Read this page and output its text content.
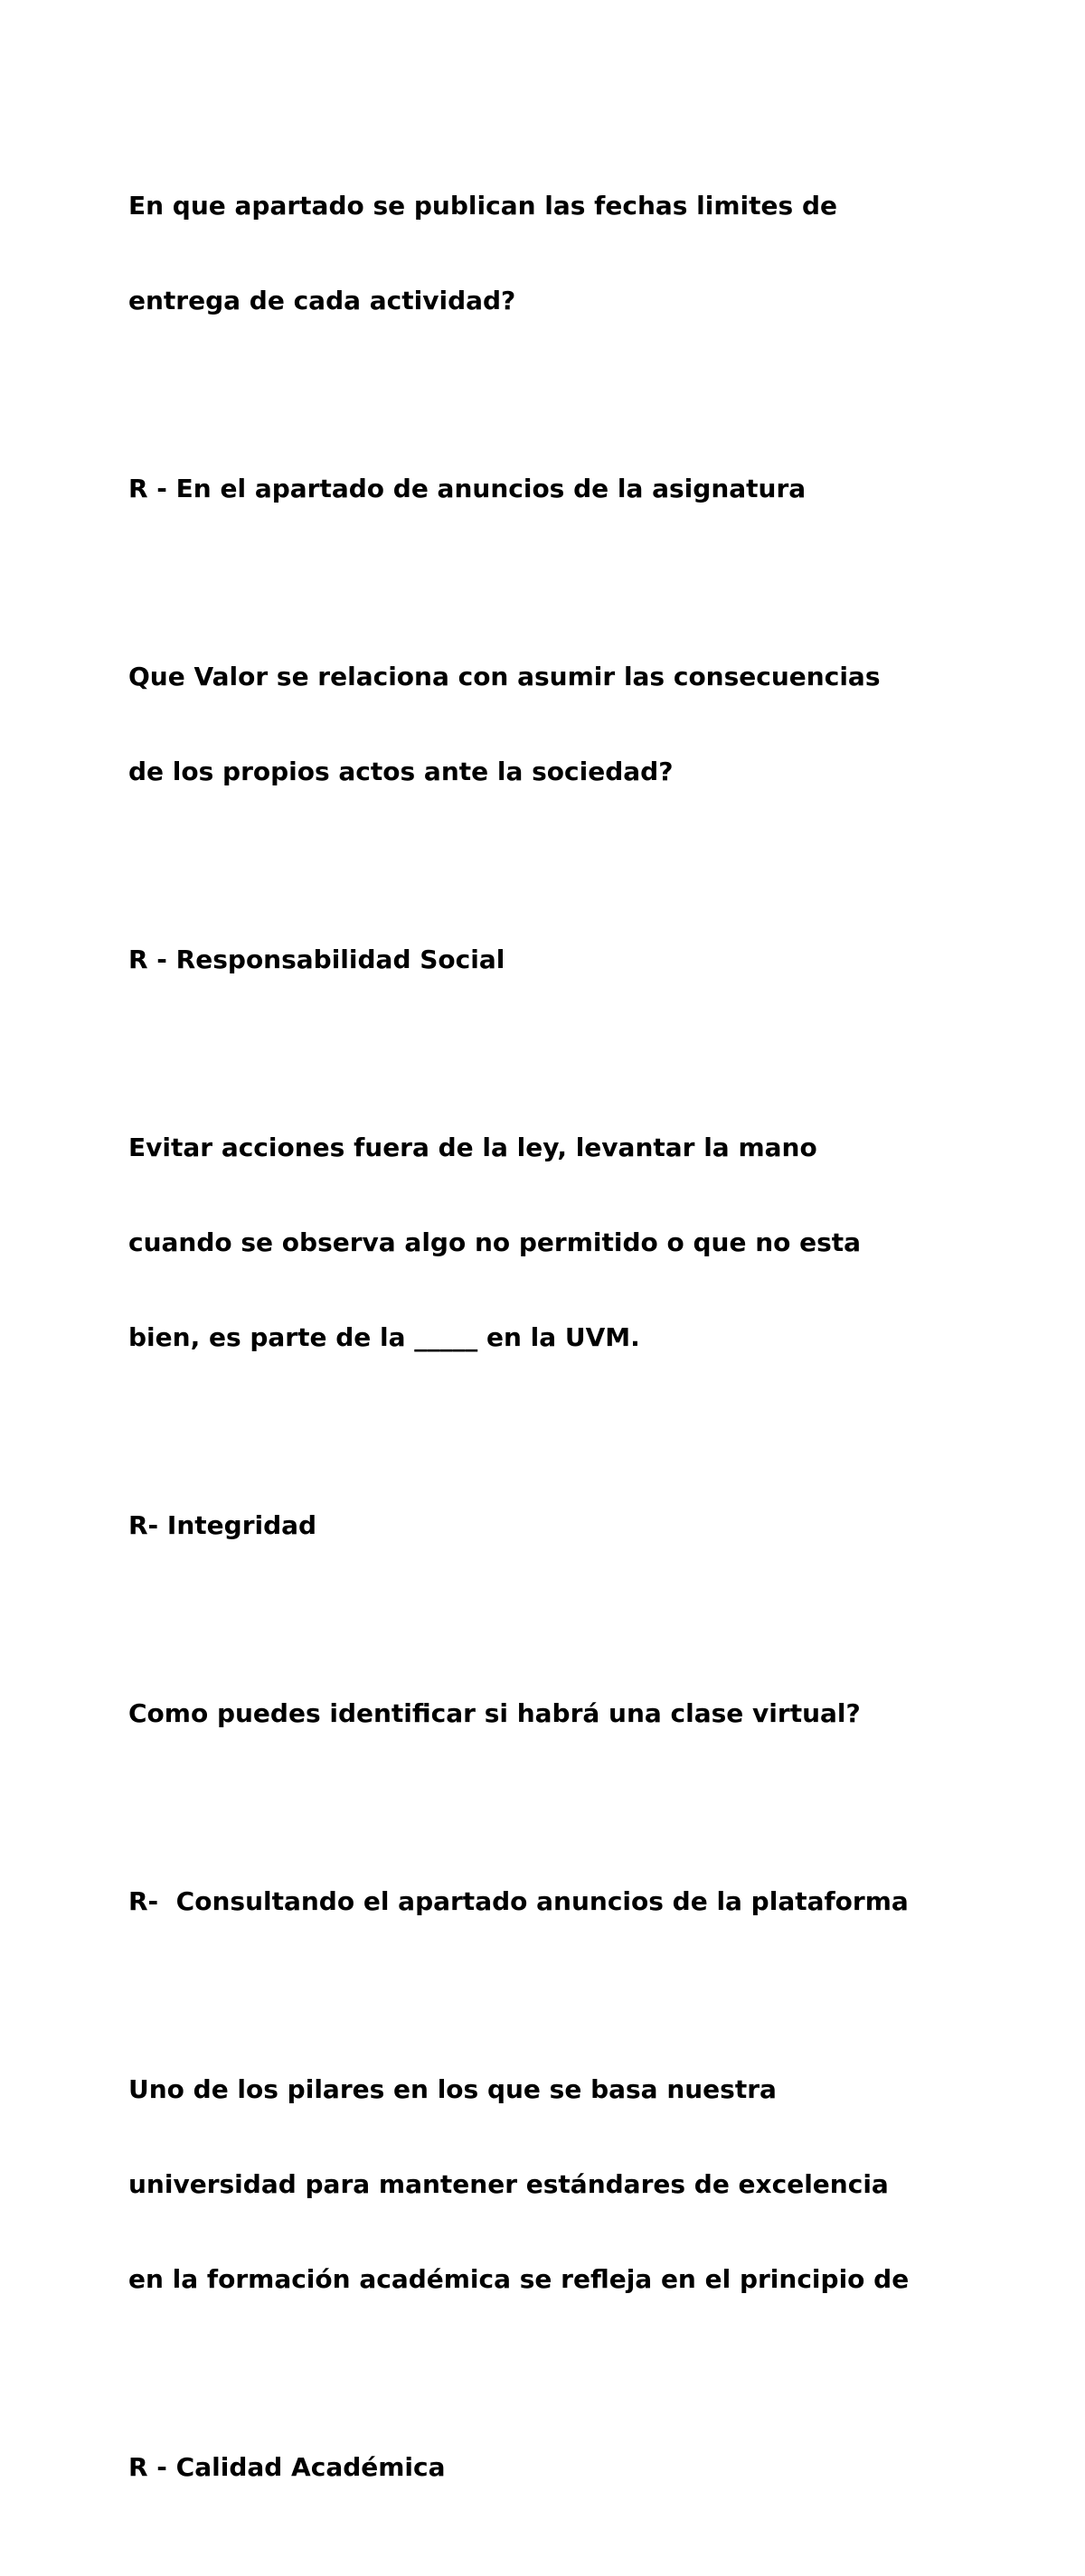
En que apartado se publican las fechas limites de

entrega de cada actividad?

R - En el apartado de anuncios de la asignatura

Que Valor se relaciona con asumir las consecuencias

de los propios actos ante la sociedad?

R - Responsabilidad Social

Evitar acciones fuera de la ley, levantar la mano

cuando se observa algo no permitido o que no esta

bien, es parte de la _____ en la UVM.

R- Integridad

Como puedes identificar si habrá una clase virtual?

R-  Consultando el apartado anuncios de la plataforma

Uno de los pilares en los que se basa nuestra

universidad para mantener estándares de excelencia

en la formación académica se refleja en el principio de

R - Calidad Académica
